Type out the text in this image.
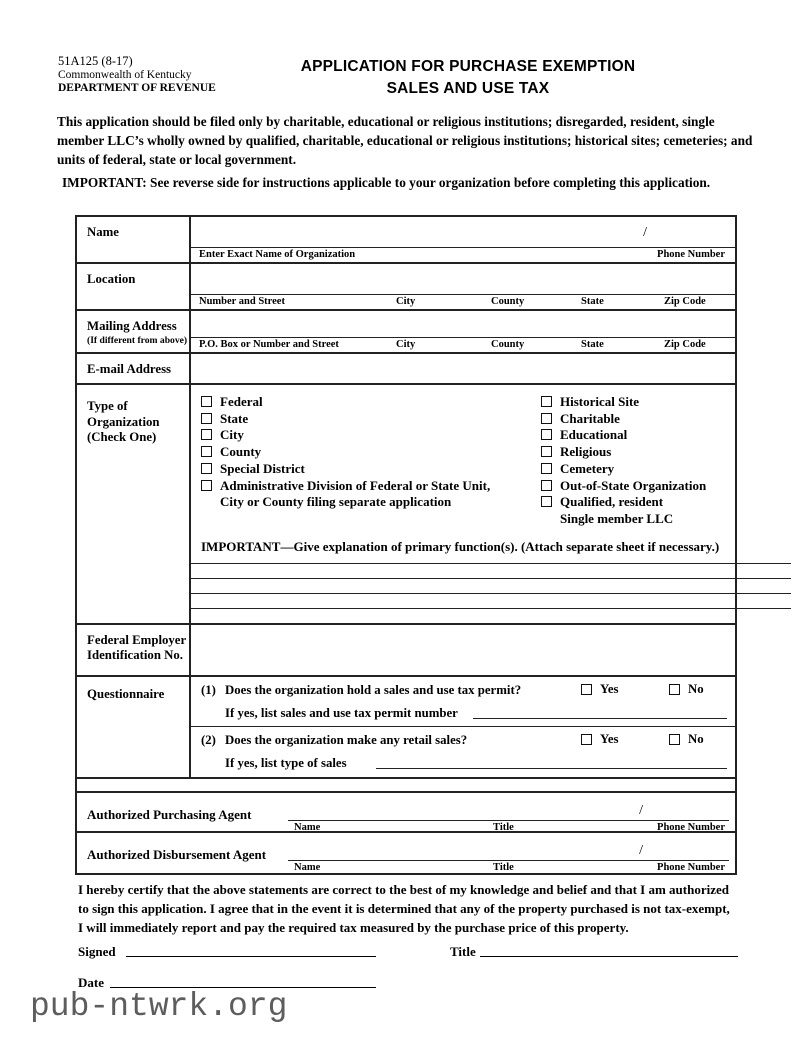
51A125 (8-17)
Commonwealth of Kentucky
DEPARTMENT OF REVENUE
APPLICATION FOR PURCHASE EXEMPTION
SALES AND USE TAX
This application should be filed only by charitable, educational or religious institutions; disregarded, resident, single member LLC’s wholly owned by qualified, charitable, educational or religious institutions; historical sites; cemeteries; and units of federal, state or local government.
IMPORTANT: See reverse side for instructions applicable to your organization before completing this application.
Name	/
Enter Exact Name of Organization	Phone Number
Location
Number and Street	City	County	State	Zip Code
Mailing Address
(If different from above) P.O. Box or Number and Street	City	County	State	Zip Code
E-mail Address
Type of
Organization
(Check One)
Federal
State
City
County
Special District
Administrative Division of Federal or State Unit,
City or County filing separate application
Historical Site
Charitable
Educational
Religious
Cemetery
Out-of-State Organization
Qualified, resident
Single member LLC
IMPORTANT—Give explanation of primary function(s). (Attach separate sheet if necessary.)
Federal Employer
Identification No.
Questionnaire	(1) Does the organization hold a sales and use tax permit?	Yes	No
If yes, list sales and use tax permit number
(2) Does the organization make any retail sales?	Yes	No
If yes, list type of sales
Authorized Purchasing Agent	/
Name	Title	Phone Number
Authorized Disbursement Agent	/
Name	Title	Phone Number
I hereby certify that the above statements are correct to the best of my knowledge and belief and that I am authorized to sign this application. I agree that in the event it is determined that any of the property purchased is not tax-exempt, I will immediately report and pay the required tax measured by the purchase price of this property.
Signed	Title
Date
pub-ntwrk.org
